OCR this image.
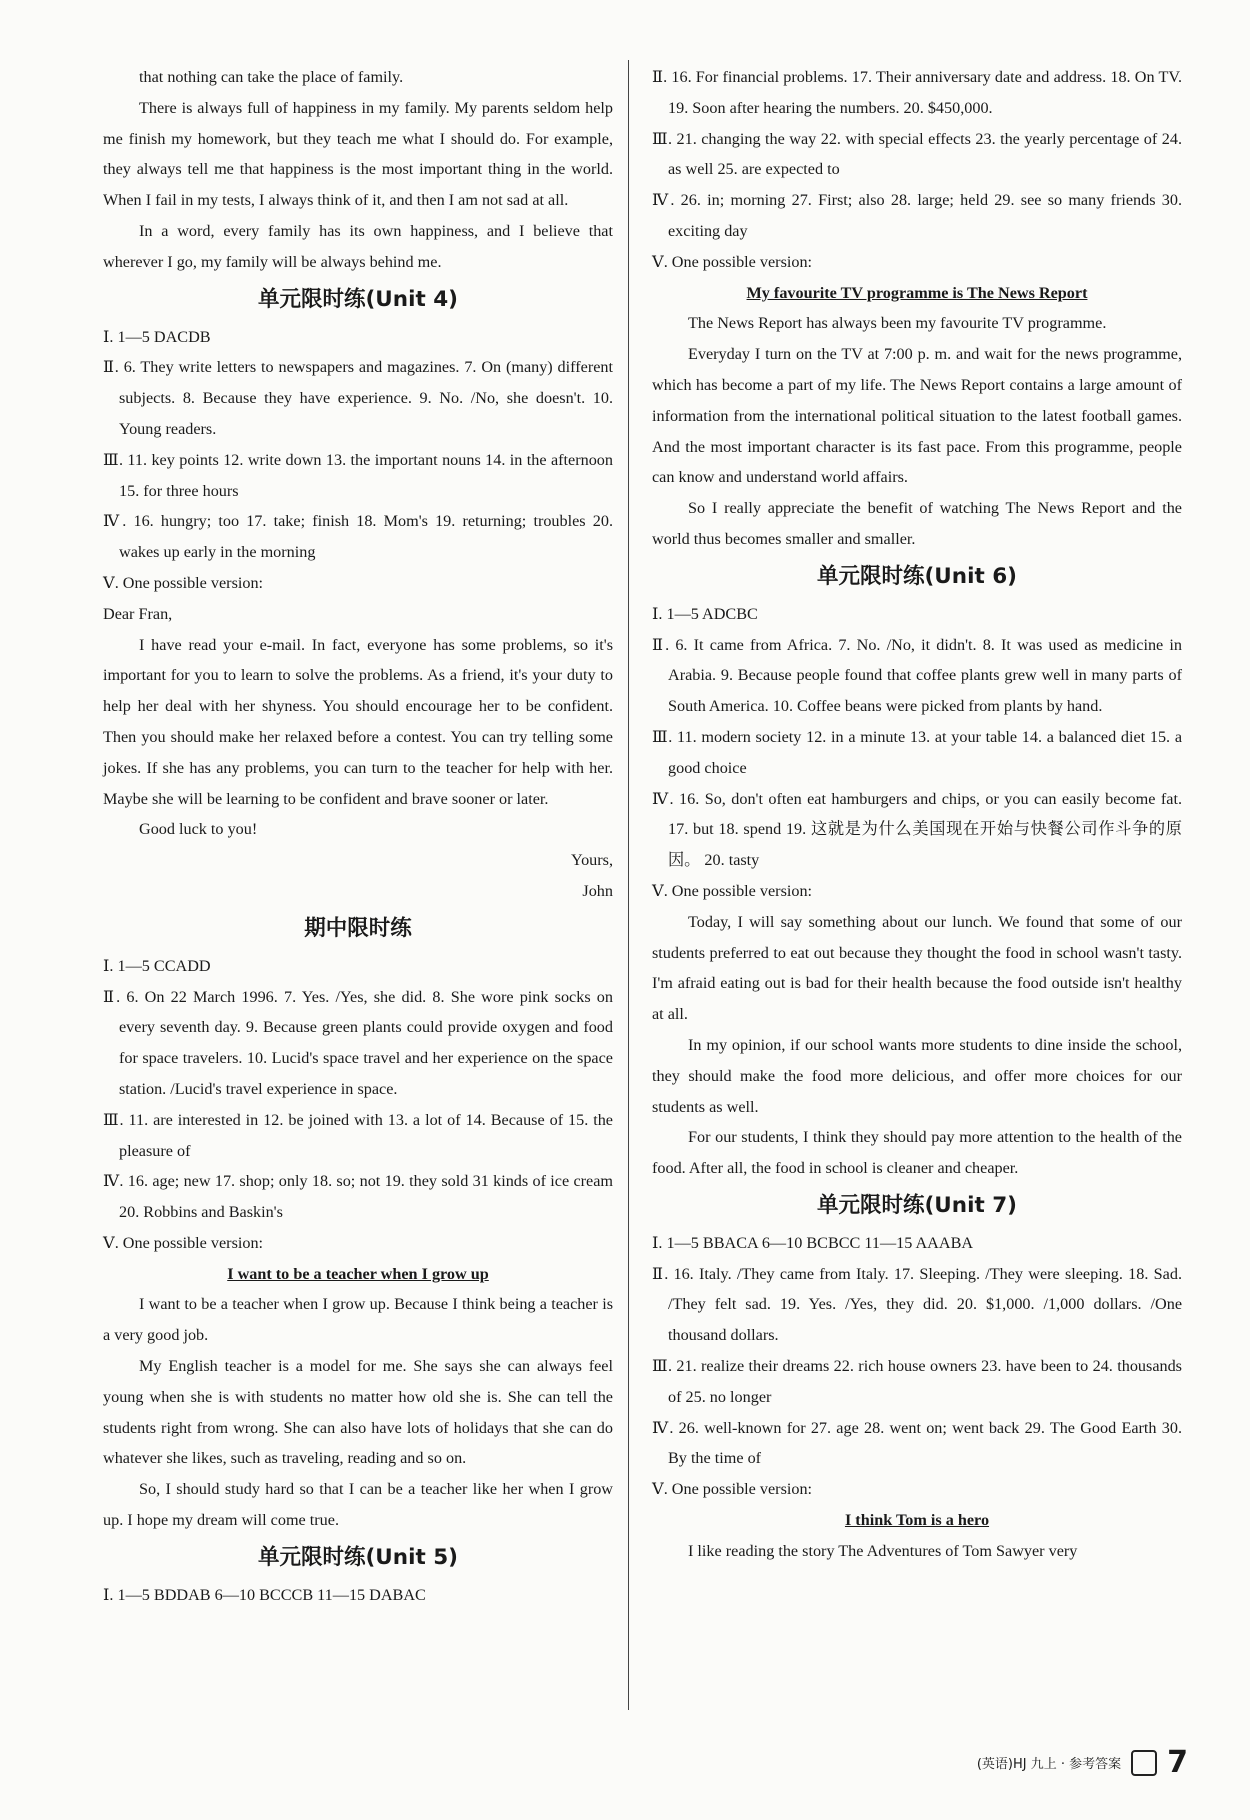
that nothing can take the place of family.

There is always full of happiness in my family. My parents seldom help me finish my homework, but they teach me what I should do. For example, they always tell me that happiness is the most important thing in the world. When I fail in my tests, I always think of it, and then I am not sad at all.

In a word, every family has its own happiness, and I believe that wherever I go, my family will be always behind me.

单元限时练(Unit 4)

Ⅰ. 1—5 DACDB

Ⅱ. 6. They write letters to newspapers and magazines. 7. On (many) different subjects. 8. Because they have experience. 9. No. /No, she doesn't. 10. Young readers.

Ⅲ. 11. key points 12. write down 13. the important nouns 14. in the afternoon 15. for three hours

Ⅳ. 16. hungry; too 17. take; finish 18. Mom's 19. returning; troubles 20. wakes up early in the morning

Ⅴ. One possible version:

Dear Fran,

I have read your e-mail. In fact, everyone has some problems, so it's important for you to learn to solve the problems. As a friend, it's your duty to help her deal with her shyness. You should encourage her to be confident. Then you should make her relaxed before a contest. You can try telling some jokes. If she has any problems, you can turn to the teacher for help with her. Maybe she will be learning to be confident and brave sooner or later.

Good luck to you!

Yours,

John

期中限时练

Ⅰ. 1—5 CCADD

Ⅱ. 6. On 22 March 1996. 7. Yes. /Yes, she did. 8. She wore pink socks on every seventh day. 9. Because green plants could provide oxygen and food for space travelers. 10. Lucid's space travel and her experience on the space station. /Lucid's travel experience in space.

Ⅲ. 11. are interested in 12. be joined with 13. a lot of 14. Because of 15. the pleasure of

Ⅳ. 16. age; new 17. shop; only 18. so; not 19. they sold 31 kinds of ice cream 20. Robbins and Baskin's

Ⅴ. One possible version:

I want to be a teacher when I grow up

I want to be a teacher when I grow up. Because I think being a teacher is a very good job.

My English teacher is a model for me. She says she can always feel young when she is with students no matter how old she is. She can tell the students right from wrong. She can also have lots of holidays that she can do whatever she likes, such as traveling, reading and so on.

So, I should study hard so that I can be a teacher like her when I grow up. I hope my dream will come true.

单元限时练(Unit 5)

Ⅰ. 1—5 BDDAB 6—10 BCCCB 11—15 DABAC

Ⅱ. 16. For financial problems. 17. Their anniversary date and address. 18. On TV. 19. Soon after hearing the numbers. 20. $450,000.

Ⅲ. 21. changing the way 22. with special effects 23. the yearly percentage of 24. as well 25. are expected to

Ⅳ. 26. in; morning 27. First; also 28. large; held 29. see so many friends 30. exciting day

Ⅴ. One possible version:

My favourite TV programme is The News Report

The News Report has always been my favourite TV programme.

Everyday I turn on the TV at 7:00 p. m. and wait for the news programme, which has become a part of my life. The News Report contains a large amount of information from the international political situation to the latest football games. And the most important character is its fast pace. From this programme, people can know and understand world affairs.

So I really appreciate the benefit of watching The News Report and the world thus becomes smaller and smaller.

单元限时练(Unit 6)

Ⅰ. 1—5 ADCBC

Ⅱ. 6. It came from Africa. 7. No. /No, it didn't. 8. It was used as medicine in Arabia. 9. Because people found that coffee plants grew well in many parts of South America. 10. Coffee beans were picked from plants by hand.

Ⅲ. 11. modern society 12. in a minute 13. at your table 14. a balanced diet 15. a good choice

Ⅳ. 16. So, don't often eat hamburgers and chips, or you can easily become fat. 17. but 18. spend 19. 这就是为什么美国现在开始与快餐公司作斗争的原因。 20. tasty

Ⅴ. One possible version:

Today, I will say something about our lunch. We found that some of our students preferred to eat out because they thought the food in school wasn't tasty. I'm afraid eating out is bad for their health because the food outside isn't healthy at all.

In my opinion, if our school wants more students to dine inside the school, they should make the food more delicious, and offer more choices for our students as well.

For our students, I think they should pay more attention to the health of the food. After all, the food in school is cleaner and cheaper.

单元限时练(Unit 7)

Ⅰ. 1—5 BBACA 6—10 BCBCC 11—15 AAABA

Ⅱ. 16. Italy. /They came from Italy. 17. Sleeping. /They were sleeping. 18. Sad. /They felt sad. 19. Yes. /Yes, they did. 20. $1,000. /1,000 dollars. /One thousand dollars.

Ⅲ. 21. realize their dreams 22. rich house owners 23. have been to 24. thousands of 25. no longer

Ⅳ. 26. well-known for 27. age 28. went on; went back 29. The Good Earth 30. By the time of

Ⅴ. One possible version:

I think Tom is a hero

I like reading the story The Adventures of Tom Sawyer very

(英语)HJ 九上 · 参考答案 7
